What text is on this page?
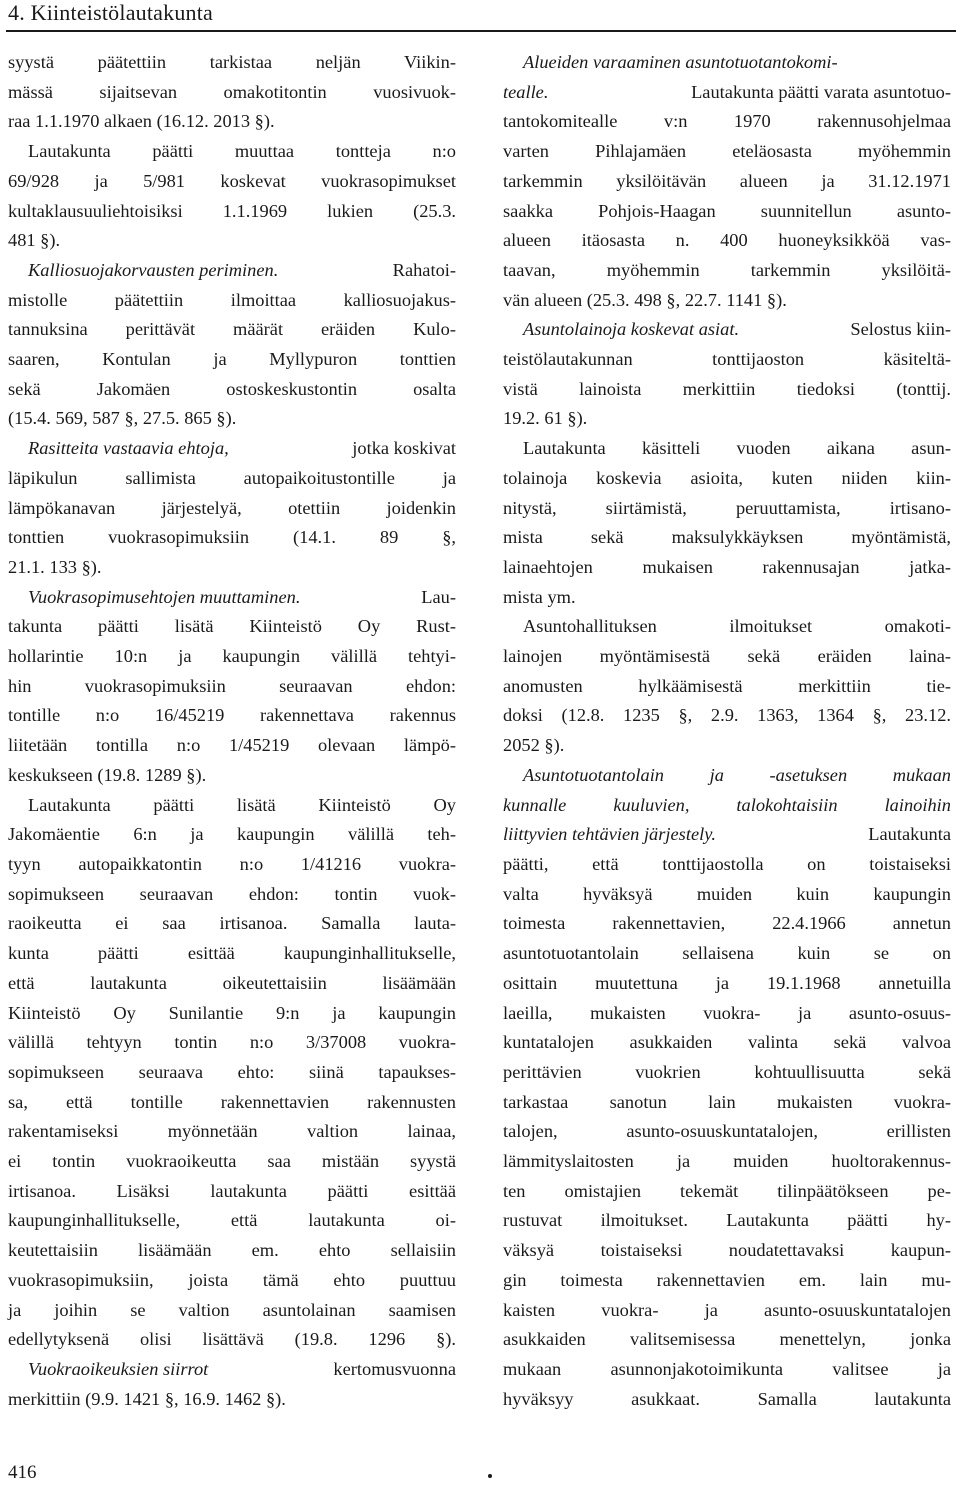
4. Kiinteistölautakunta

syystä päätettiin tarkistaa neljän Viikin-
mässä sijaitsevan omakotitontin vuosivuok-
raa 1.1.1970 alkaen (16.12. 2013 §).
Lautakunta päätti muuttaa tontteja n:o
69/928 ja 5/981 koskevat vuokrasopimukset
kultaklausuuliehtoisiksi 1.1.1969 lukien (25.3.
481 §).

Kalliosuojakorvausten periminen.	Rahatoi-
mistolle päätettiin ilmoittaa kalliosuojakus-
tannuksina perittävät määrät eräiden Kulo-
saaren, Kontulan ja Myllypuron tonttien
sekä Jakomäen ostoskeskustontin osalta
(15.4. 569, 587 §, 27.5. 865 §).

Rasitteita vastaavia ehtoja,	jotka koskivat
läpikulun sallimista autopaikoitustontille ja
lämpökanavan järjestelyä, otettiin joidenkin
tonttien vuokrasopimuksiin (14.1. 89 §,
21.1. 133 §).

Vuokrasopimusehtojen muuttaminen.	Lau-
takunta päätti lisätä Kiinteistö Oy Rust-
hollarintie 10:n ja kaupungin välillä tehtyi-
hin vuokrasopimuksiin seuraavan ehdon:
tontille n:o 16/45219 rakennettava rakennus
liitetään tontilla n:o 1/45219 olevaan lämpö-
keskukseen (19.8. 1289 §).

Lautakunta päätti lisätä Kiinteistö Oy
Jakomäentie 6:n ja kaupungin välillä teh-
tyyn autopaikkatontin n:o 1/41216 vuokra-
sopimukseen seuraavan ehdon: tontin vuok-
raoikeutta ei saa irtisanoa. Samalla lauta-
kunta päätti esittää kaupunginhallitukselle,
että lautakunta oikeutettaisiin lisäämään
Kiinteistö Oy Sunilantie 9:n ja kaupungin
välillä tehtyyn tontin n:o 3/37008 vuokra-
sopimukseen seuraava ehto: siinä tapaukses-
sa, että tontille rakennettavien rakennusten
rakentamiseksi myönnetään valtion lainaa,
ei tontin vuokraoikeutta saa mistään syystä
irtisanoa. Lisäksi lautakunta päätti esittää
kaupunginhallitukselle, että lautakunta oi-
keutettaisiin lisäämään em. ehto sellaisiin
vuokrasopimuksiin, joista tämä ehto puuttuu
ja joihin se valtion asuntolainan saamisen
edellytyksenä olisi lisättävä (19.8. 1296 §).

Vuokraoikeuksien siirrot	kertomusvuonna
merkittiin (9.9. 1421 §, 16.9. 1462 §).

Alueiden varaaminen asuntotuotantokomi-
tealle.	Lautakunta päätti varata asuntotuo-
tantokomitealle v:n 1970 rakennusohjelmaa
varten Pihlajamäen eteläosasta myöhemmin
tarkemmin yksilöitävän alueen ja 31.12.1971
saakka Pohjois-Haagan suunnitellun asunto-
alueen itäosasta n. 400 huoneyksikköä vas-
taavan, myöhemmin tarkemmin yksilöitä-
vän alueen (25.3. 498 §, 22.7. 1141 §).

Asuntolainoja koskevat asiat.	Selostus kiin-
teistölautakunnan tonttijaoston käsiteltä-
vistä lainoista merkittiin tiedoksi (tonttij.
19.2. 61 §).

Lautakunta käsitteli vuoden aikana asun-
tolainoja koskevia asioita, kuten niiden kiin-
nitystä, siirtämistä, peruuttamista, irtisano-
mista sekä maksulykkäyksen myöntämistä,
lainaehtojen mukaisen rakennusajan jatka-
mista ym.

Asuntohallituksen ilmoitukset omakoti-
lainojen myöntämisestä sekä eräiden laina-
anomusten hylkäämisestä merkittiin tie-
doksi (12.8. 1235 §, 2.9. 1363, 1364 §, 23.12.
2052 §).

Asuntotuotantolain ja -asetuksen mukaan
kunnalle kuuluvien, talokohtaisiin lainoihin
liittyvien tehtävien järjestely.	Lautakunta
päätti, että tonttijaostolla on toistaiseksi
valta hyväksyä muiden kuin kaupungin
toimesta rakennettavien, 22.4.1966 annetun
asuntotuotantolain sellaisena kuin se on
osittain muutettuna ja 19.1.1968 annetuilla
laeilla, mukaisten vuokra- ja asunto-osuus-
kuntatalojen asukkaiden valinta sekä valvoa
perittävien vuokrien kohtuullisuutta sekä
tarkastaa sanotun lain mukaisten vuokra-
talojen, asunto-osuuskuntatalojen, erillisten
lämmityslaitosten ja muiden huoltorakennus-
ten omistajien tekemät tilinpäätökseen pe-
rustuvat ilmoitukset. Lautakunta päätti hy-
väksyä toistaiseksi noudatettavaksi kaupun-
gin toimesta rakennettavien em. lain mu-
kaisten vuokra- ja asunto-osuuskuntatalojen
asukkaiden valitsemisessa menettelyn, jonka
mukaan asunnonjakotoimikunta valitsee ja
hyväksyy asukkaat. Samalla lautakunta

416
